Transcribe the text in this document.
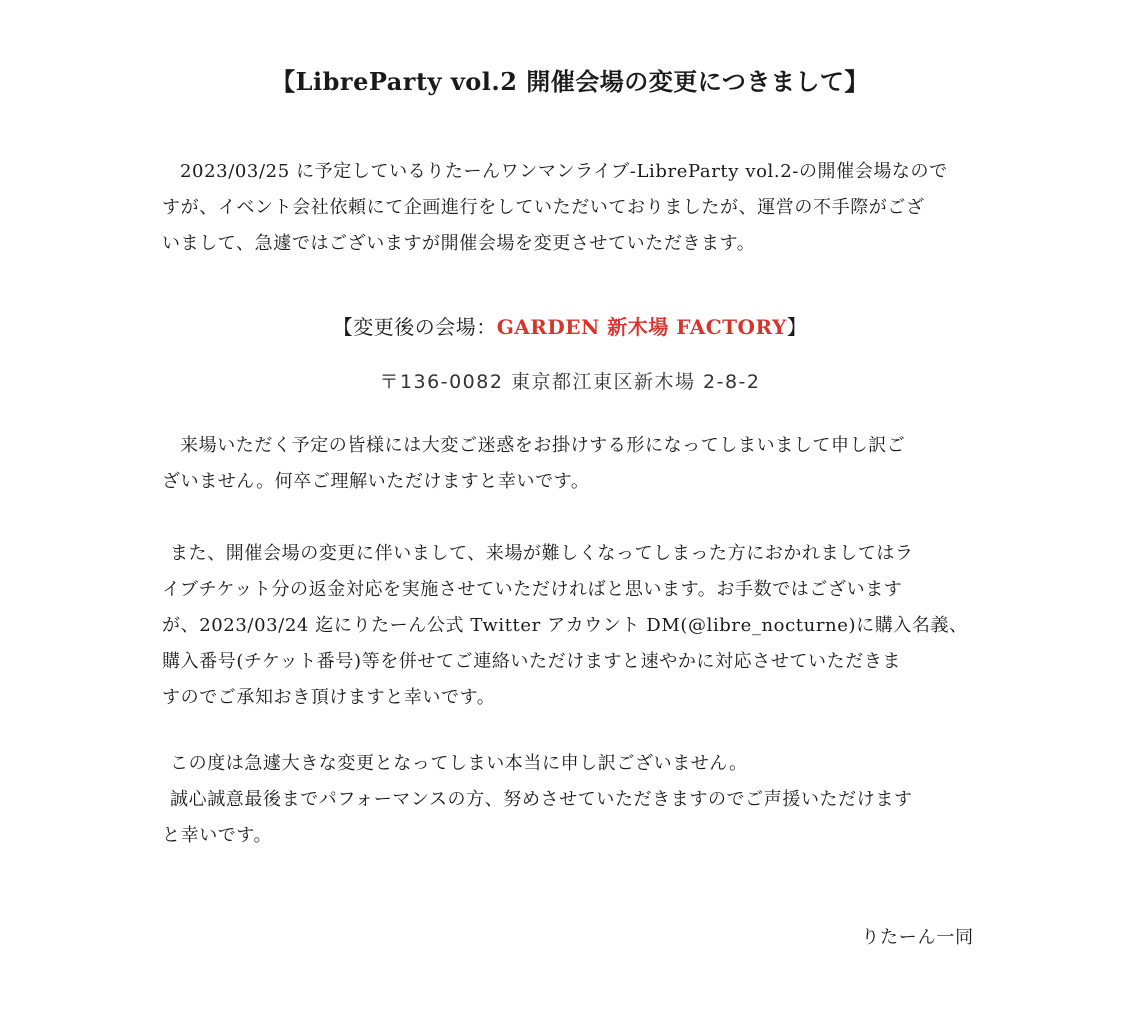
【LibreParty vol.2 開催会場の変更につきまして】

2023/03/25 に予定しているりたーんワンマンライブ-LibreParty vol.2-の開催会場なので

すが、イベント会社依頼にて企画進行をしていただいておりましたが、運営の不手際がござ

いまして、急遽ではございますが開催会場を変更させていただきます。

【変更後の会場：GARDEN 新木場 FACTORY】
〒136-0082 東京都江東区新木場 2-8-2

来場いただく予定の皆様には大変ご迷惑をお掛けする形になってしまいまして申し訳ご

ざいません。何卒ご理解いただけますと幸いです。

また、開催会場の変更に伴いまして、来場が難しくなってしまった方におかれましてはラ

イブチケット分の返金対応を実施させていただければと思います。お手数ではございます

が、2023/03/24 迄にりたーん公式 Twitter アカウント DM(@libre_nocturne)に購入名義、

購入番号(チケット番号)等を併せてご連絡いただけますと速やかに対応させていただきま

すのでご承知おき頂けますと幸いです。

この度は急遽大きな変更となってしまい本当に申し訳ございません。

誠心誠意最後までパフォーマンスの方、努めさせていただきますのでご声援いただけます

と幸いです。

りたーん一同
